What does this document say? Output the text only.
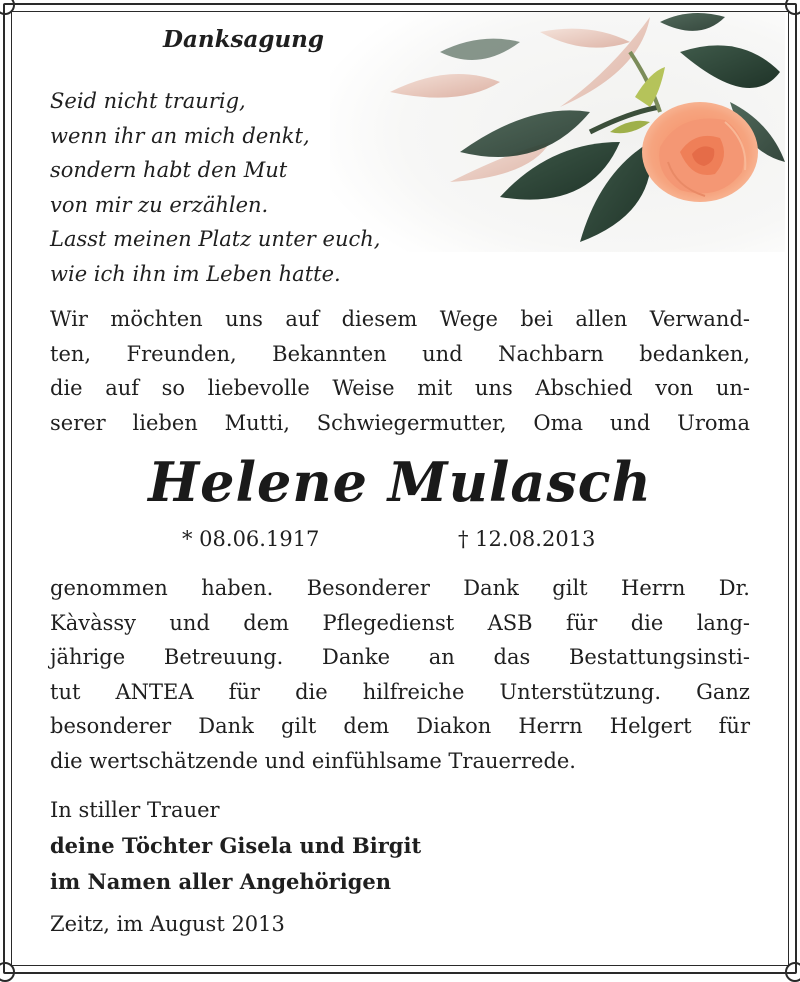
Danksagung
Seid nicht traurig,
wenn ihr an mich denkt,
sondern habt den Mut
von mir zu erzählen.
Lasst meinen Platz unter euch,
wie ich ihn im Leben hatte.

Wir möchten uns auf diesem Wege bei allen Verwand-
ten, Freunden, Bekannten und Nachbarn bedanken,
die auf so liebevolle Weise mit uns Abschied von un-
serer lieben Mutti, Schwiegermutter, Oma und Uroma

Helene Mulasch
* 08.06.1917	† 12.08.2013

genommen haben. Besonderer Dank gilt Herrn Dr.
Kàvàssy und dem Pflegedienst ASB für die lang-
jährige Betreuung. Danke an das Bestattungsinsti-
tut ANTEA für die hilfreiche Unterstützung. Ganz
besonderer Dank gilt dem Diakon Herrn Helgert für
die wertschätzende und einfühlsame Trauerrede.

In stiller Trauer
deine Töchter Gisela und Birgit
im Namen aller Angehörigen

Zeitz, im August 2013
